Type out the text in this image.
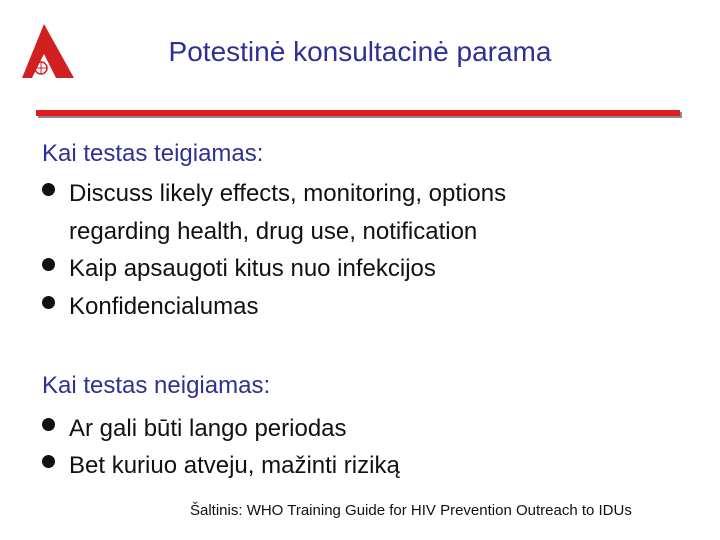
Potestinė konsultacinė parama
Kai testas teigiamas:
Discuss likely effects, monitoring, options
regarding health, drug use, notification
Kaip apsaugoti kitus nuo infekcijos
Konfidencialumas
Kai testas neigiamas:
Ar gali būti lango periodas
Bet kuriuo atveju, mažinti riziką
Šaltinis: WHO Training Guide for HIV Prevention Outreach to IDUs
